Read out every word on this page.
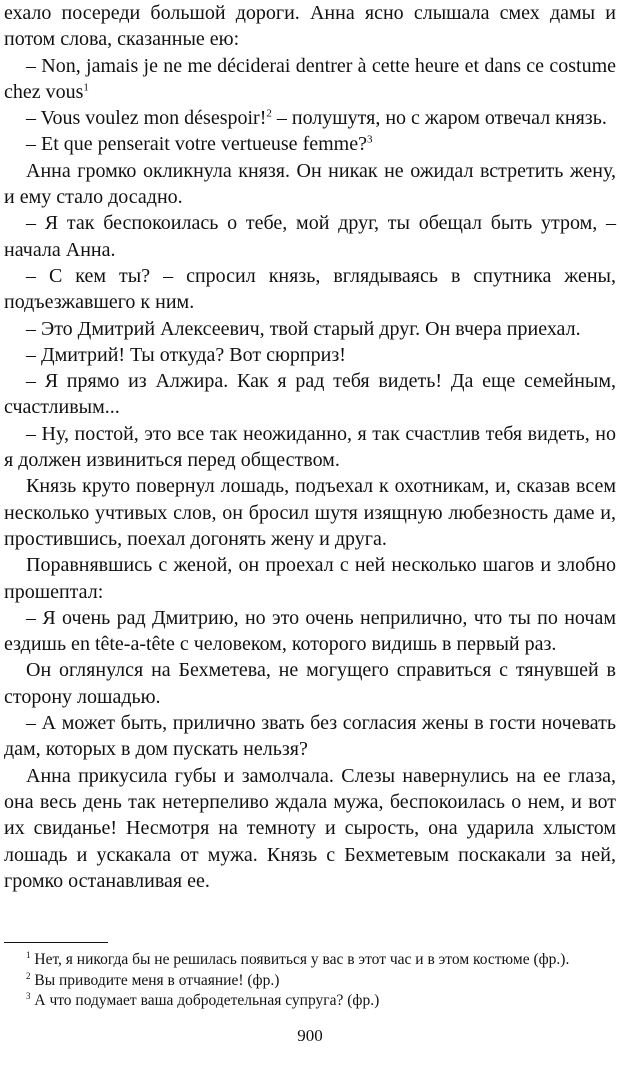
ехало посереди большой дороги. Анна ясно слышала смех дамы и потом слова, сказанные ею:

– Non, jamais je ne me déciderai dentrer à cette heure et dans ce costume chez vous$^1$

– Vous voulez mon désespoir!$^2$ – полушутя, но с жаром отвечал князь.

– Et que penserait votre vertueuse femme?$^3$

Анна громко окликнула князя. Он никак не ожидал встретить жену, и ему стало досадно.

– Я так беспокоилась о тебе, мой друг, ты обещал быть утром, – начала Анна.

– С кем ты? – спросил князь, вглядываясь в спутника жены, подъезжавшего к ним.

– Это Дмитрий Алексеевич, твой старый друг. Он вчера приехал.

– Дмитрий! Ты откуда? Вот сюрприз!

– Я прямо из Алжира. Как я рад тебя видеть! Да еще семейным, счастливым...

– Ну, постой, это все так неожиданно, я так счастлив тебя видеть, но я должен извиниться перед обществом.

Князь круто повернул лошадь, подъехал к охотникам, и, сказав всем несколько учтивых слов, он бросил шутя изящную любезность даме и, простившись, поехал догонять жену и друга.

Поравнявшись с женой, он проехал с ней несколько шагов и злобно прошептал:

– Я очень рад Дмитрию, но это очень неприлично, что ты по ночам ездишь en tête-a-tête с человеком, которого видишь в первый раз.

Он оглянулся на Бехметева, не могущего справиться с тянувшей в сторону лошадью.

– А может быть, прилично звать без согласия жены в гости ночевать дам, которых в дом пускать нельзя?

Анна прикусила губы и замолчала. Слезы навернулись на ее глаза, она весь день так нетерпеливо ждала мужа, беспокоилась о нем, и вот их свиданье! Несмотря на темноту и сырость, она ударила хлыстом лошадь и ускакала от мужа. Князь с Бехметевым поскакали за ней, громко останавливая ее.

$^1$ Нет, я никогда бы не решилась появиться у вас в этот час и в этом костюме (фр.).

$^2$ Вы приводите меня в отчаяние! (фр.)

$^3$ А что подумает ваша добродетельная супруга? (фр.)

900
